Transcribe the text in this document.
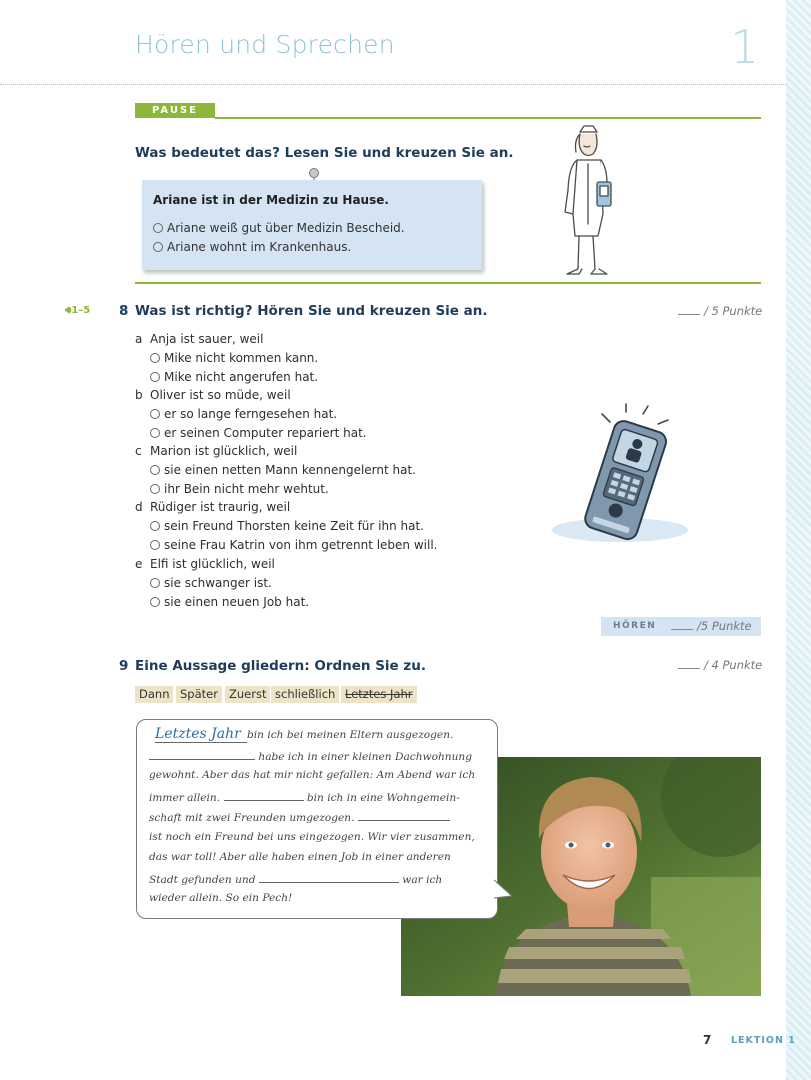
Hören und Sprechen	1
PAUSE
Was bedeutet das? Lesen Sie und kreuzen Sie an.
Ariane ist in der Medizin zu Hause.
Ariane weiß gut über Medizin Bescheid.
Ariane wohnt im Krankenhaus.
🔊︎1–5 8 Was ist richtig? Hören Sie und kreuzen Sie an.	/ 5 Punkte
a Anja ist sauer, weil
Mike nicht kommen kann.
Mike nicht angerufen hat.
b Oliver ist so müde, weil
er so lange ferngesehen hat.
er seinen Computer repariert hat.
c Marion ist glücklich, weil
sie einen netten Mann kennengelernt hat.
ihr Bein nicht mehr wehtut.
d Rüdiger ist traurig, weil
sein Freund Thorsten keine Zeit für ihn hat.
seine Frau Katrin von ihm getrennt leben will.
e Elfi ist glücklich, weil
sie schwanger ist.
sie einen neuen Job hat.
HÖREN	/5 Punkte
9 Eine Aussage gliedern: Ordnen Sie zu.	/ 4 Punkte
Dann Später Zuerst schließlich Letztes Jahr
Letztes Jahr bin ich bei meinen Eltern ausgezogen.
habe ich in einer kleinen Dachwohnung
gewohnt. Aber das hat mir nicht gefallen: Am Abend war ich
immer allein.	bin ich in eine Wohngemein-
schaft mit zwei Freunden umgezogen.
ist noch ein Freund bei uns eingezogen. Wir vier zusammen,
das war toll! Aber alle haben einen Job in einer anderen
Stadt gefunden und	war ich
wieder allein. So ein Pech!
7 LEKTION 1
